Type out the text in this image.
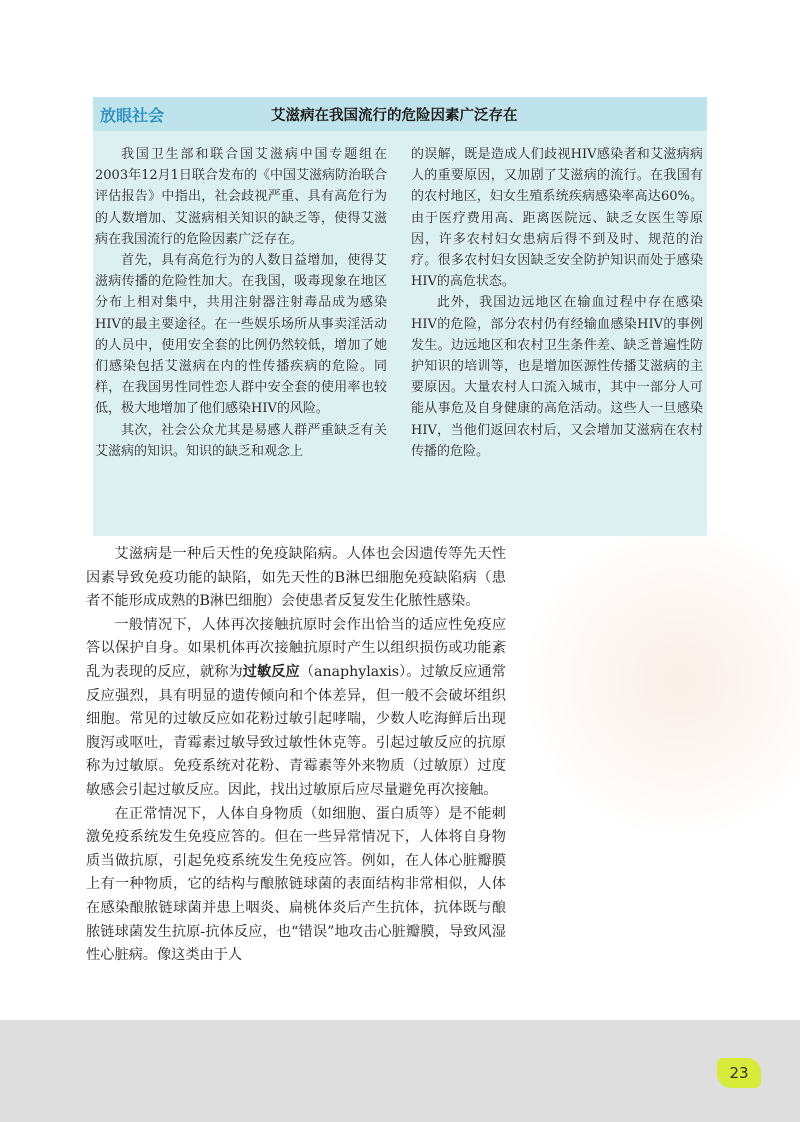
放眼社会	艾滋病在我国流行的危险因素广泛存在

我国卫生部和联合国艾滋病中国专题组在2003年12月1日联合发布的《中国艾滋病防治联合评估报告》中指出，社会歧视严重、具有高危行为的人数增加、艾滋病相关知识的缺乏等，使得艾滋病在我国流行的危险因素广泛存在。

首先，具有高危行为的人数日益增加，使得艾滋病传播的危险性加大。在我国，吸毒现象在地区分布上相对集中，共用注射器注射毒品成为感染HIV的最主要途径。在一些娱乐场所从事卖淫活动的人员中，使用安全套的比例仍然较低，增加了她们感染包括艾滋病在内的性传播疾病的危险。同样，在我国男性同性恋人群中安全套的使用率也较低，极大地增加了他们感染HIV的风险。

其次，社会公众尤其是易感人群严重缺乏有关艾滋病的知识。知识的缺乏和观念上

的误解，既是造成人们歧视HIV感染者和艾滋病病人的重要原因，又加剧了艾滋病的流行。在我国有的农村地区，妇女生殖系统疾病感染率高达60%。由于医疗费用高、距离医院远、缺乏女医生等原因，许多农村妇女患病后得不到及时、规范的治疗。很多农村妇女因缺乏安全防护知识而处于感染HIV的高危状态。

此外，我国边远地区在输血过程中存在感染HIV的危险，部分农村仍有经输血感染HIV的事例发生。边远地区和农村卫生条件差、缺乏普遍性防护知识的培训等，也是增加医源性传播艾滋病的主要原因。大量农村人口流入城市，其中一部分人可能从事危及自身健康的高危活动。这些人一旦感染HIV，当他们返回农村后，又会增加艾滋病在农村传播的危险。

艾滋病是一种后天性的免疫缺陷病。人体也会因遗传等先天性因素导致免疫功能的缺陷，如先天性的B淋巴细胞免疫缺陷病（患者不能形成成熟的B淋巴细胞）会使患者反复发生化脓性感染。

一般情况下，人体再次接触抗原时会作出恰当的适应性免疫应答以保护自身。如果机体再次接触抗原时产生以组织损伤或功能紊乱为表现的反应，就称为过敏反应（anaphylaxis）。过敏反应通常反应强烈，具有明显的遗传倾向和个体差异，但一般不会破坏组织细胞。常见的过敏反应如花粉过敏引起哮喘，少数人吃海鲜后出现腹泻或呕吐，青霉素过敏导致过敏性休克等。引起过敏反应的抗原称为过敏原。免疫系统对花粉、青霉素等外来物质（过敏原）过度敏感会引起过敏反应。因此，找出过敏原后应尽量避免再次接触。

在正常情况下，人体自身物质（如细胞、蛋白质等）是不能刺激免疫系统发生免疫应答的。但在一些异常情况下，人体将自身物质当做抗原，引起免疫系统发生免疫应答。例如，在人体心脏瓣膜上有一种物质，它的结构与酿脓链球菌的表面结构非常相似，人体在感染酿脓链球菌并患上咽炎、扁桃体炎后产生抗体，抗体既与酿脓链球菌发生抗原-抗体反应，也“错误”地攻击心脏瓣膜，导致风湿性心脏病。像这类由于人

23
